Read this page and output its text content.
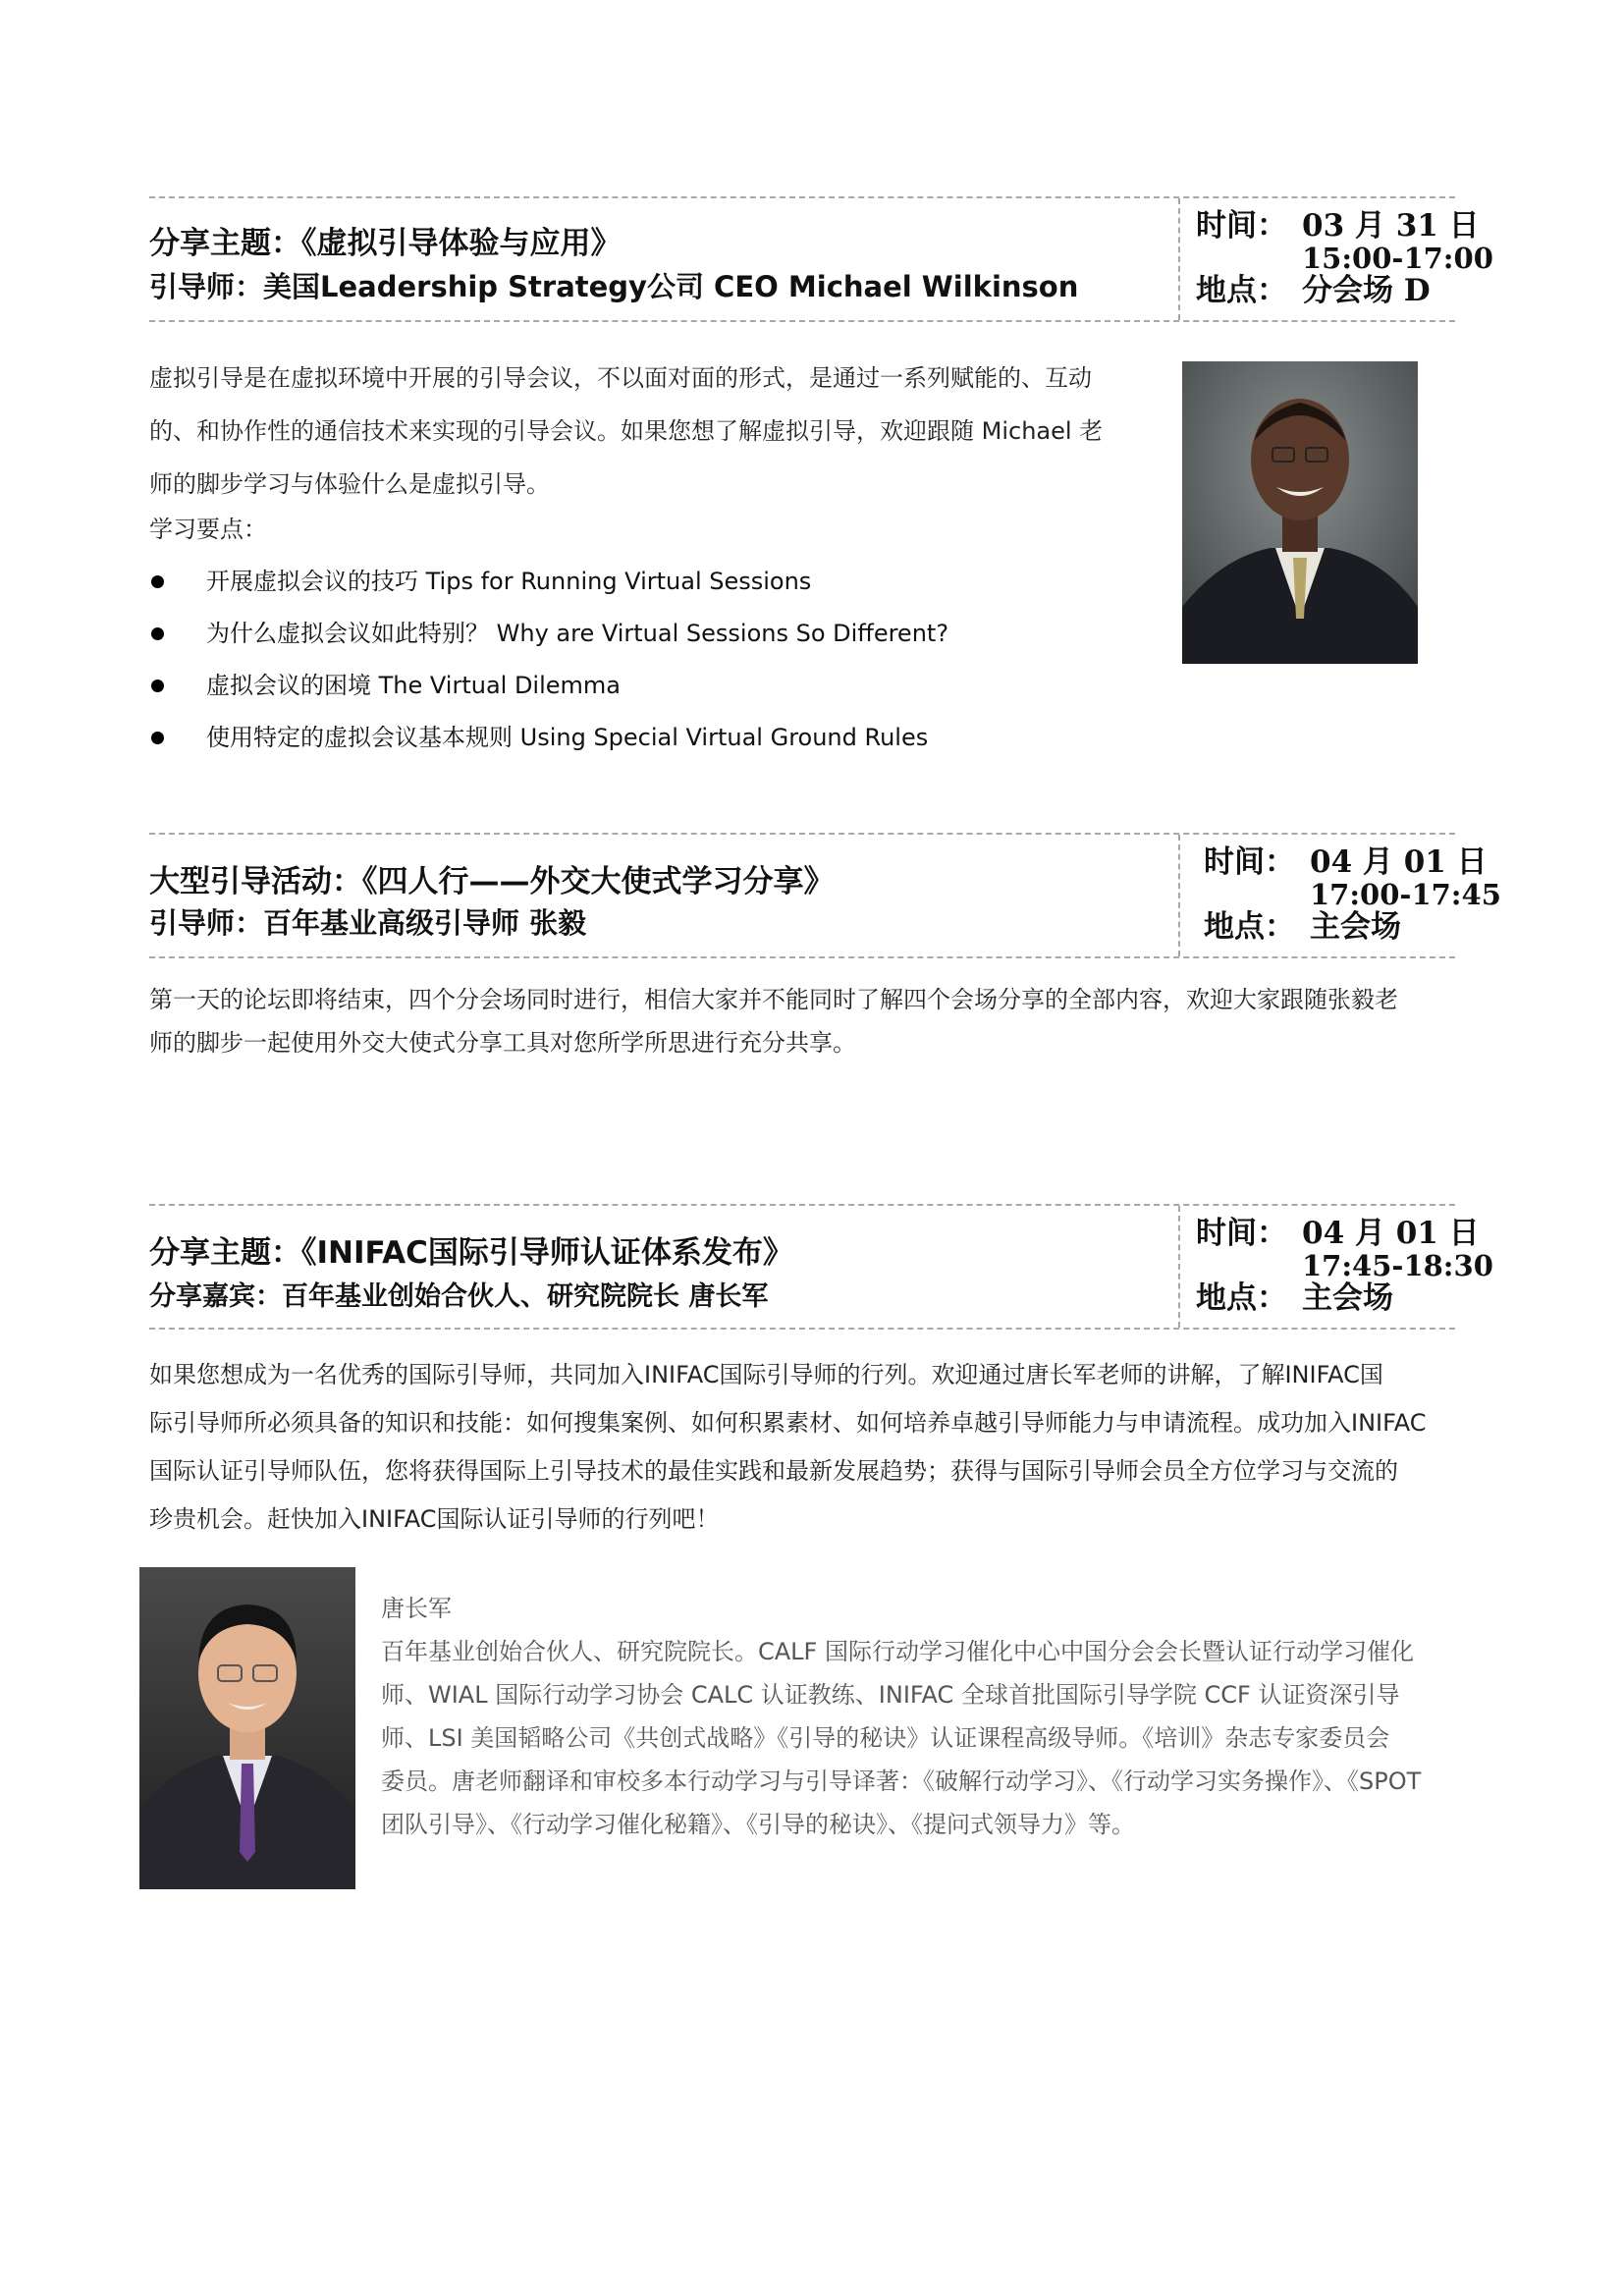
分享主题：《虚拟引导体验与应用》
引导师：美国Leadership Strategy公司 CEO Michael Wilkinson
时间： 03 月 31 日
15:00-17:00
地点： 分会场 D
虚拟引导是在虚拟环境中开展的引导会议，不以面对面的形式，是通过一系列赋能的、互动
的、和协作性的通信技术来实现的引导会议。如果您想了解虚拟引导，欢迎跟随 Michael 老
师的脚步学习与体验什么是虚拟引导。
学习要点：
开展虚拟会议的技巧 Tips for Running Virtual Sessions
为什么虚拟会议如此特别？ Why are Virtual Sessions So Different?
虚拟会议的困境 The Virtual Dilemma
使用特定的虚拟会议基本规则 Using Special Virtual Ground Rules
大型引导活动：《四人行——外交大使式学习分享》
引导师：百年基业高级引导师 张毅
时间： 04 月 01 日
17:00-17:45
地点： 主会场
第一天的论坛即将结束，四个分会场同时进行，相信大家并不能同时了解四个会场分享的全部内容，欢迎大家跟随张毅老
师的脚步一起使用外交大使式分享工具对您所学所思进行充分共享。
分享主题：《INIFAC国际引导师认证体系发布》
分享嘉宾：百年基业创始合伙人、研究院院长 唐长军
时间： 04 月 01 日
17:45-18:30
地点： 主会场
如果您想成为一名优秀的国际引导师，共同加入INIFAC国际引导师的行列。欢迎通过唐长军老师的讲解，了解INIFAC国
际引导师所必须具备的知识和技能：如何搜集案例、如何积累素材、如何培养卓越引导师能力与申请流程。成功加入INIFAC
国际认证引导师队伍，您将获得国际上引导技术的最佳实践和最新发展趋势；获得与国际引导师会员全方位学习与交流的
珍贵机会。赶快加入INIFAC国际认证引导师的行列吧！
唐长军
百年基业创始合伙人、研究院院长。CALF 国际行动学习催化中心中国分会会长暨认证行动学习催化
师、WIAL 国际行动学习协会 CALC 认证教练、INIFAC 全球首批国际引导学院 CCF 认证资深引导
师、LSI 美国韬略公司《共创式战略》《引导的秘诀》认证课程高级导师。《培训》杂志专家委员会
委员。唐老师翻译和审校多本行动学习与引导译著：《破解行动学习》、《行动学习实务操作》、《SPOT
团队引导》、《行动学习催化秘籍》、《引导的秘诀》、《提问式领导力》等。
